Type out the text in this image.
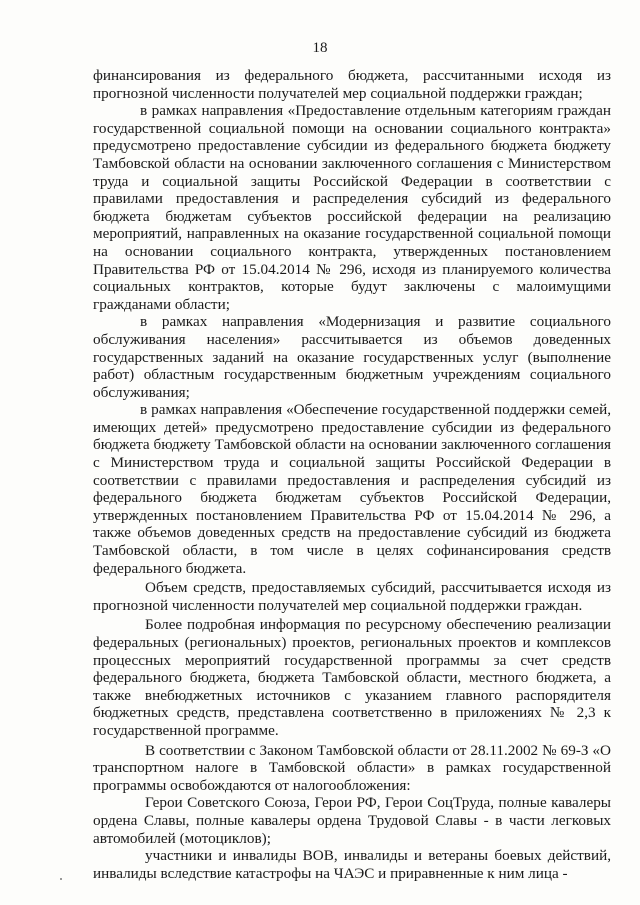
18

финансирования из федерального бюджета, рассчитанными исходя из прогнозной численности получателей мер социальной поддержки граждан;

в рамках направления «Предоставление отдельным категориям граждан государственной социальной помощи на основании социального контракта» предусмотрено предоставление субсидии из федерального бюджета бюджету Тамбовской области на основании заключенного соглашения с Министерством труда и социальной защиты Российской Федерации в соответствии с правилами предоставления и распределения субсидий из федерального бюджета бюджетам субъектов российской федерации на реализацию мероприятий, направленных на оказание государственной социальной помощи на основании социального контракта, утвержденных постановлением Правительства РФ от 15.04.2014 № 296, исходя из планируемого количества социальных контрактов, которые будут заключены с малоимущими гражданами области;

в рамках направления «Модернизация и развитие социального обслуживания населения» рассчитывается из объемов доведенных государственных заданий на оказание государственных услуг (выполнение работ) областным государственным бюджетным учреждениям социального обслуживания;

в рамках направления «Обеспечение государственной поддержки семей, имеющих детей» предусмотрено предоставление субсидии из федерального бюджета бюджету Тамбовской области на основании заключенного соглашения с Министерством труда и социальной защиты Российской Федерации в соответствии с правилами предоставления и распределения субсидий из федерального бюджета бюджетам субъектов Российской Федерации, утвержденных постановлением Правительства РФ от 15.04.2014 № 296, а также объемов доведенных средств на предоставление субсидий из бюджета Тамбовской области, в том числе в целях софинансирования средств федерального бюджета.

Объем средств, предоставляемых субсидий, рассчитывается исходя из прогнозной численности получателей мер социальной поддержки граждан.

Более подробная информация по ресурсному обеспечению реализации федеральных (региональных) проектов, региональных проектов и комплексов процессных мероприятий государственной программы за счет средств федерального бюджета, бюджета Тамбовской области, местного бюджета, а также внебюджетных источников с указанием главного распорядителя бюджетных средств, представлена соответственно в приложениях № 2,3 к государственной программе.

В соответствии с Законом Тамбовской области от 28.11.2002 № 69-З «О транспортном налоге в Тамбовской области» в рамках государственной программы освобождаются от налогообложения:

Герои Советского Союза, Герои РФ, Герои СоцТруда, полные кавалеры ордена Славы, полные кавалеры ордена Трудовой Славы - в части легковых автомобилей (мотоциклов);

участники и инвалиды ВОВ, инвалиды и ветераны боевых действий, инвалиды вследствие катастрофы на ЧАЭС и приравненные к ним лица -
